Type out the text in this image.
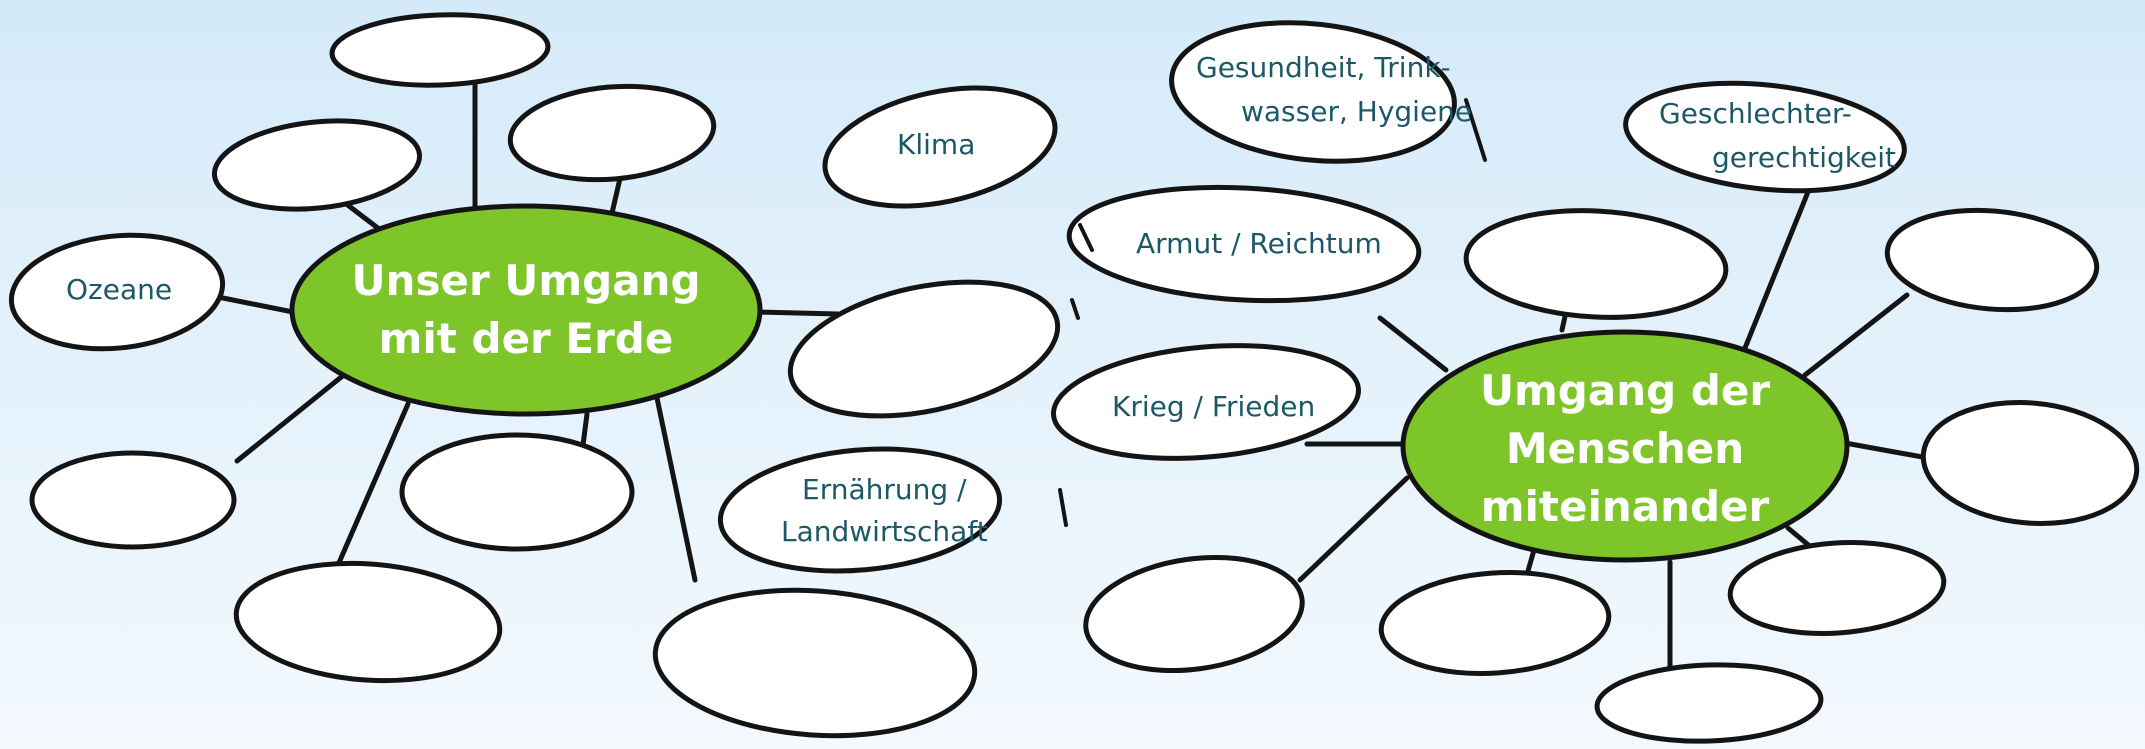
Unser Umgang
mit der Erde
Umgang der
Menschen
miteinander
Ozeane
Klima
Ernährung /
Landwirtschaft
Gesundheit, Trink-
wasser, Hygiene	Geschlechter-
gerechtigkeit
Armut / Reichtum
Krieg / Frieden
